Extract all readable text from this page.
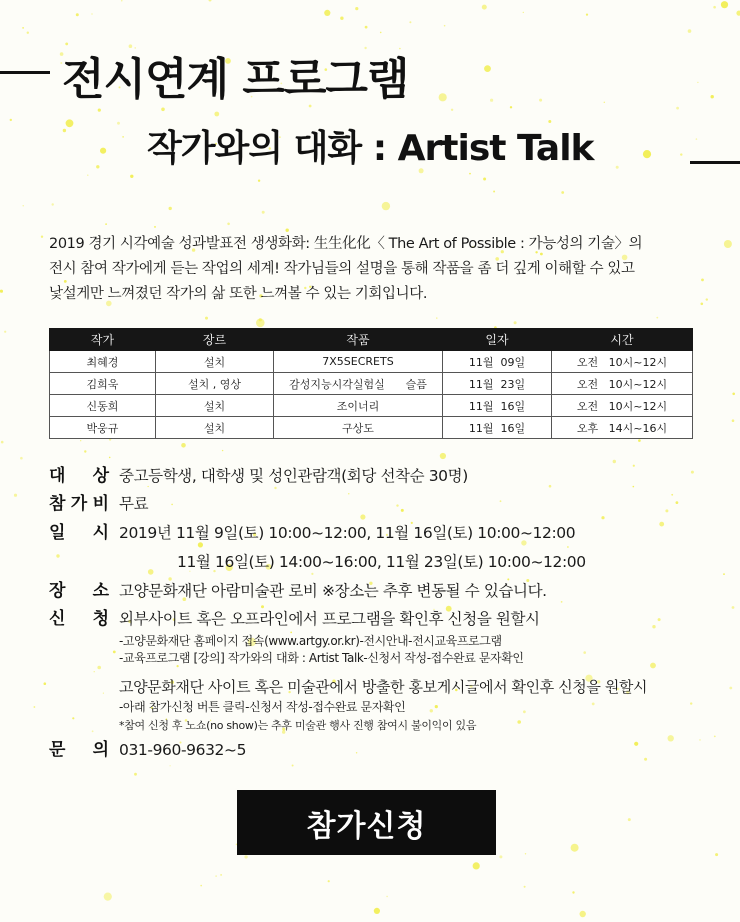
전시연계 프로그램
작가와의 대화 : Artist Talk
2019 경기 시각예술 성과발표전 생생화화: 生生化化〈 The Art of Possible : 가능성의 기술〉의
전시 참여 작가에게 듣는 작업의 세계! 작가님들의 설명을 통해 작품을 좀 더 깊게 이해할 수 있고
낯설게만 느껴졌던 작가의 삶 또한 느껴볼 수 있는 기회입니다.
작가	장르	작품	일자	시간
최혜경	설치	7X5SECRETS	11월  09일	오전   10시~12시
김희욱	설치 , 영상	감성지능시각실험실      슬픔	11월  23일	오전   10시~12시
신동희	설치	조이너리	11월  16일	오전   10시~12시
박웅규	설치	구상도	11월  16일	오후   14시~16시
대 상 중고등학생, 대학생 및 성인관람객(회당 선착순 30명)
참 가 비 무료
일 시 2019년 11월 9일(토) 10:00~12:00, 11월 16일(토) 10:00~12:00
11월 16일(토) 14:00~16:00, 11월 23일(토) 10:00~12:00
장 소 고양문화재단 아람미술관 로비 ※장소는 추후 변동될 수 있습니다.
신 청 외부사이트 혹은 오프라인에서 프로그램을 확인후 신청을 원할시
-고양문화재단 홈페이지 접속(www.artgy.or.kr)-전시안내-전시교육프로그램
-교육프로그램 [강의] 작가와의 대화 : Artist Talk-신청서 작성-접수완료 문자확인
고양문화재단 사이트 혹은 미술관에서 방출한 홍보게시글에서 확인후 신청을 원할시
-아래 참가신청 버튼 클릭-신청서 작성-접수완료 문자확인
*참여 신청 후 노쇼(no show)는 추후 미술관 행사 진행 참여시 불이익이 있음
문 의 031-960-9632~5
참가신청
